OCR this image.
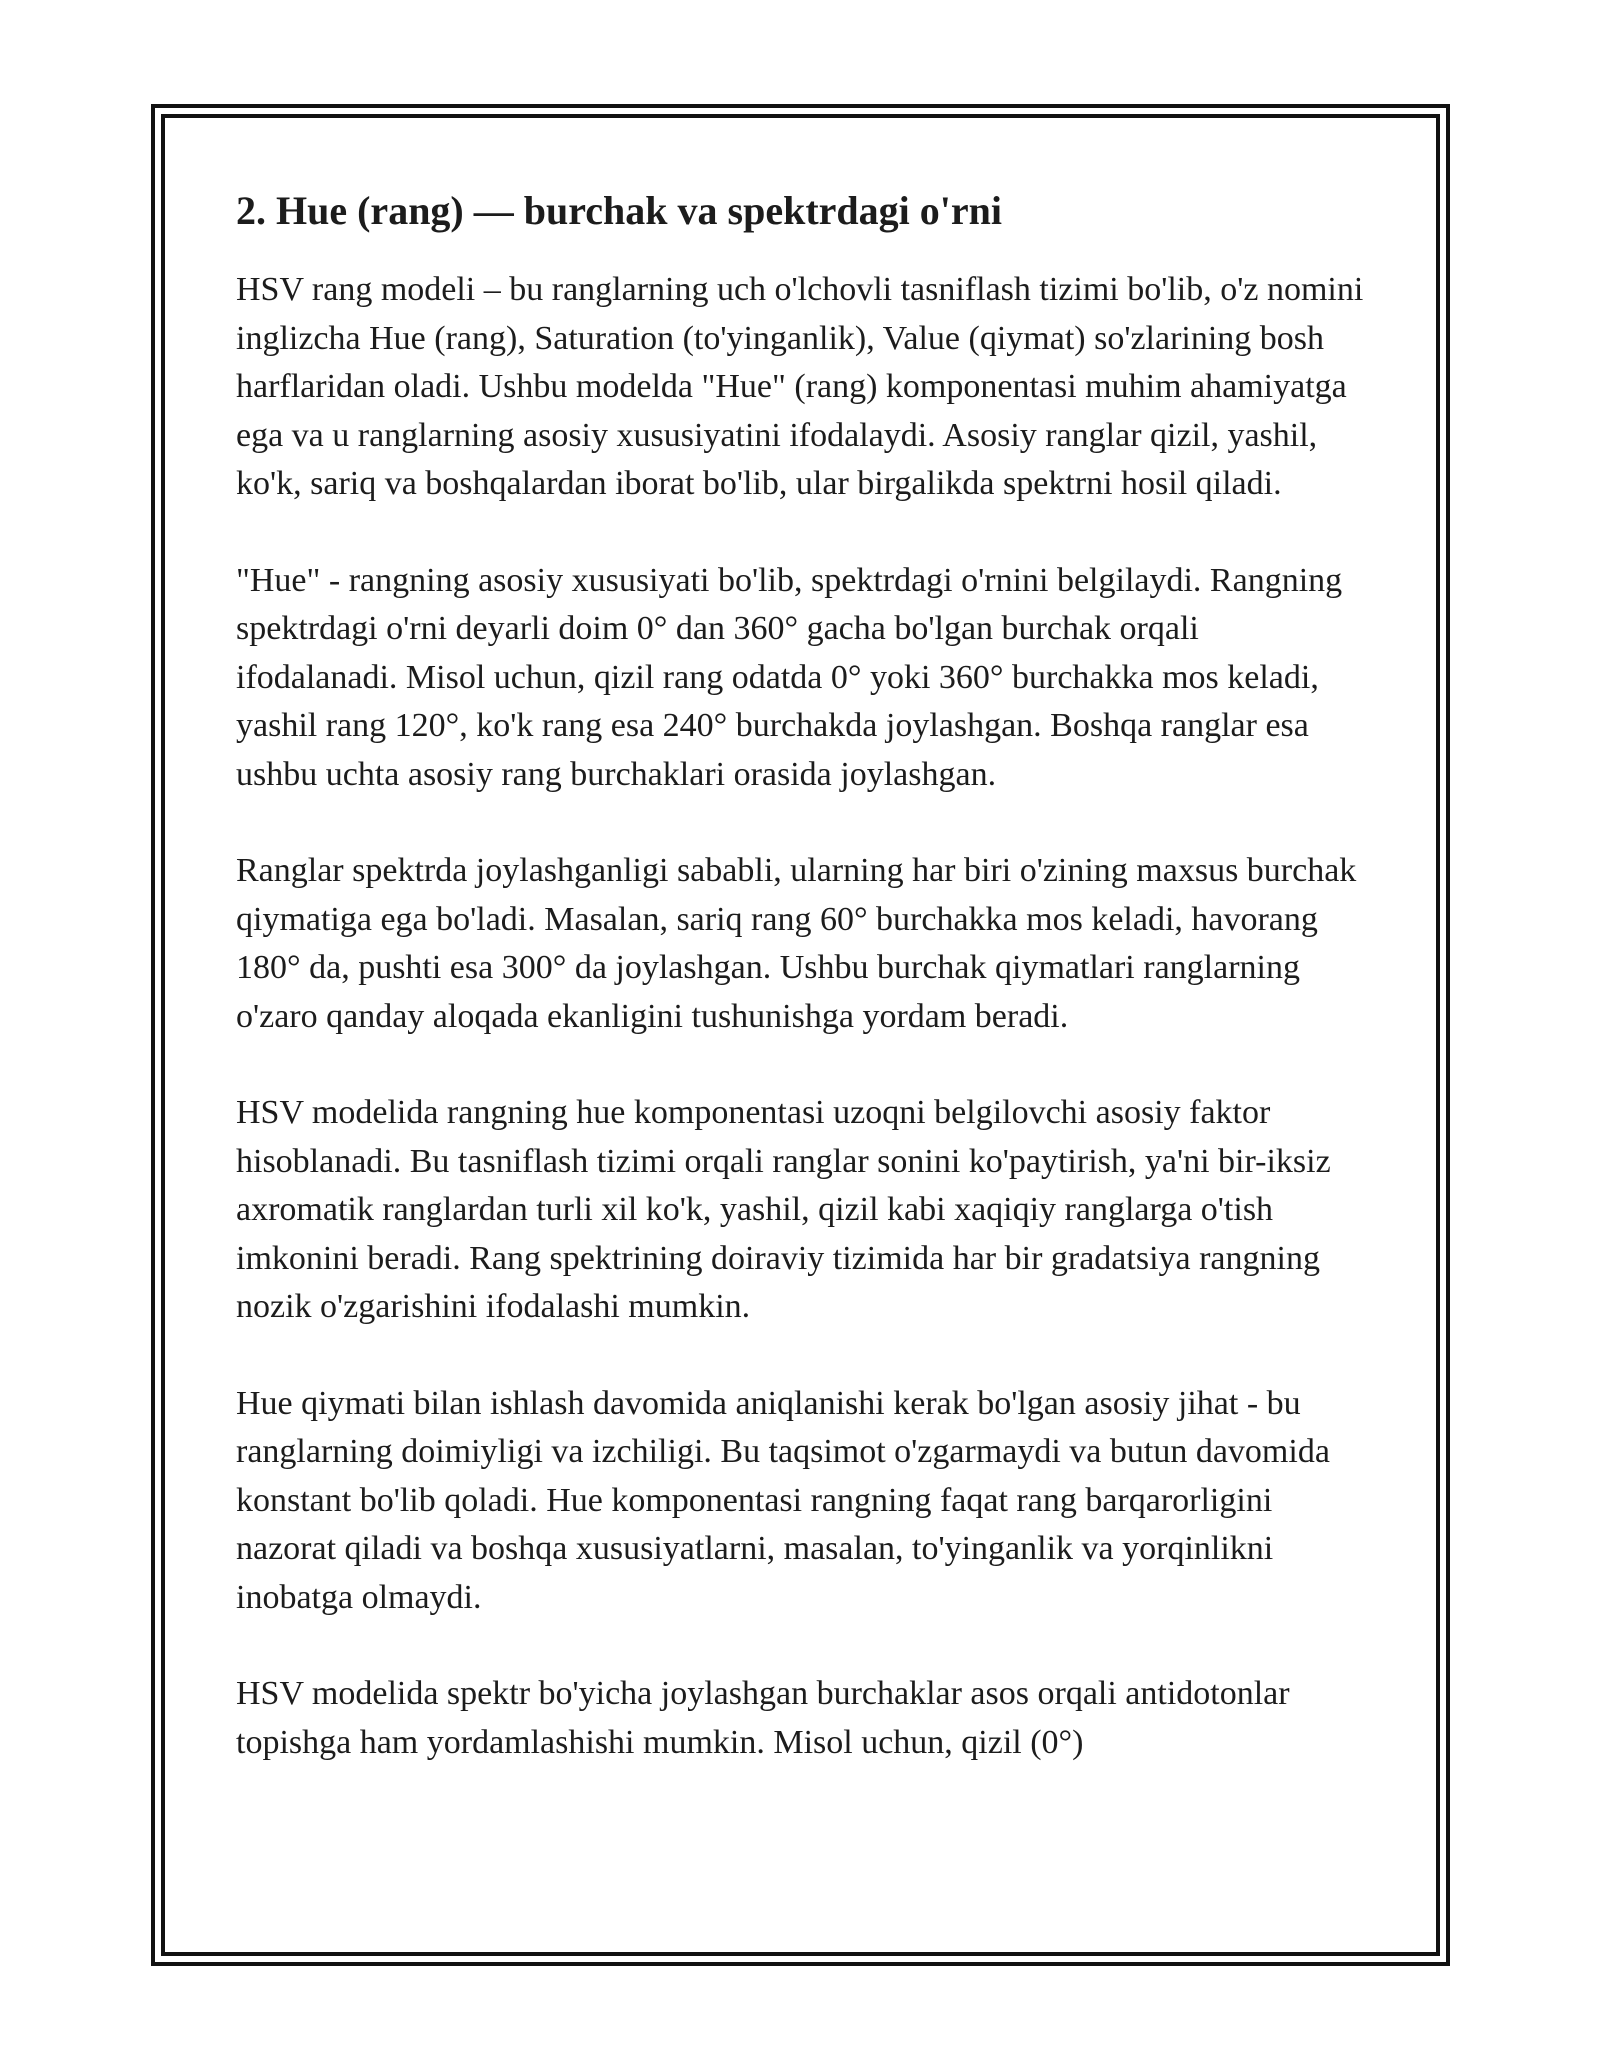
2. Hue (rang) — burchak va spektrdagi o'rni

HSV rang modeli – bu ranglarning uch o'lchovli tasniflash tizimi bo'lib, o'z nomini inglizcha Hue (rang), Saturation (to'yinganlik), Value (qiymat) so'zlarining bosh harflaridan oladi. Ushbu modelda "Hue" (rang) komponentasi muhim ahamiyatga ega va u ranglarning asosiy xususiyatini ifodalaydi. Asosiy ranglar qizil, yashil, ko'k, sariq va boshqalardan iborat bo'lib, ular birgalikda spektrni hosil qiladi.

"Hue" - rangning asosiy xususiyati bo'lib, spektrdagi o'rnini belgilaydi. Rangning spektrdagi o'rni deyarli doim 0° dan 360° gacha bo'lgan burchak orqali ifodalanadi. Misol uchun, qizil rang odatda 0° yoki 360° burchakka mos keladi, yashil rang 120°, ko'k rang esa 240° burchakda joylashgan. Boshqa ranglar esa ushbu uchta asosiy rang burchaklari orasida joylashgan.

Ranglar spektrda joylashganligi sababli, ularning har biri o'zining maxsus burchak qiymatiga ega bo'ladi. Masalan, sariq rang 60° burchakka mos keladi, havorang 180° da, pushti esa 300° da joylashgan. Ushbu burchak qiymatlari ranglarning o'zaro qanday aloqada ekanligini tushunishga yordam beradi.

HSV modelida rangning hue komponentasi uzoqni belgilovchi asosiy faktor hisoblanadi. Bu tasniflash tizimi orqali ranglar sonini ko'paytirish, ya'ni bir-iksiz axromatik ranglardan turli xil ko'k, yashil, qizil kabi xaqiqiy ranglarga o'tish imkonini beradi. Rang spektrining doiraviy tizimida har bir gradatsiya rangning nozik o'zgarishini ifodalashi mumkin.

Hue qiymati bilan ishlash davomida aniqlanishi kerak bo'lgan asosiy jihat - bu ranglarning doimiyligi va izchiligi. Bu taqsimot o'zgarmaydi va butun davomida konstant bo'lib qoladi. Hue komponentasi rangning faqat rang barqarorligini nazorat qiladi va boshqa xususiyatlarni, masalan, to'yinganlik va yorqinlikni inobatga olmaydi.

HSV modelida spektr bo'yicha joylashgan burchaklar asos orqali antidotonlar topishga ham yordamlashishi mumkin. Misol uchun, qizil (0°)
